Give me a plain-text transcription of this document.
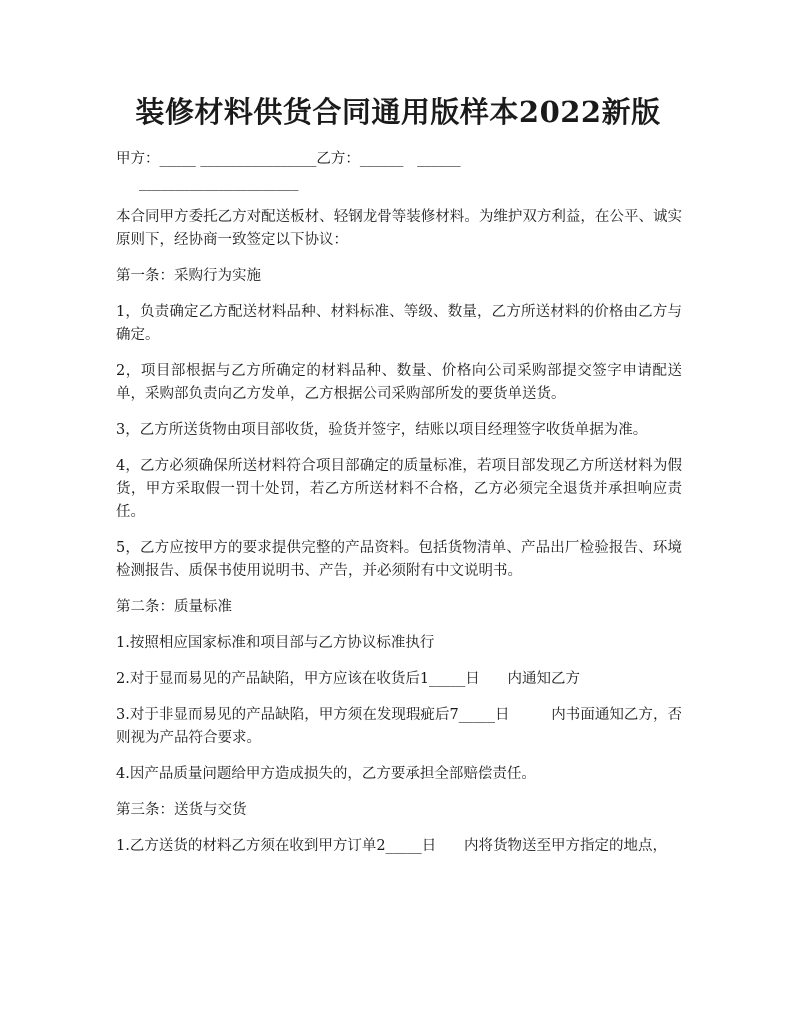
装修材料供货合同通用版样本2022新版
甲方：_____ ________________乙方：______   ______
______________________

本合同甲方委托乙方对配送板材、轻钢龙骨等装修材料。为维护双方利益，在公平、诚实原则下，经协商一致签定以下协议：

第一条：采购行为实施

1，负责确定乙方配送材料品种、材料标准、等级、数量，乙方所送材料的价格由乙方与确定。

2，项目部根据与乙方所确定的材料品种、数量、价格向公司采购部提交签字申请配送单，采购部负责向乙方发单，乙方根据公司采购部所发的要货单送货。

3，乙方所送货物由项目部收货，验货并签字，结账以项目经理签字收货单据为准。

4，乙方必须确保所送材料符合项目部确定的质量标准，若项目部发现乙方所送材料为假货，甲方采取假一罚十处罚，若乙方所送材料不合格，乙方必须完全退货并承担响应责任。

5，乙方应按甲方的要求提供完整的产品资料。包括货物清单、产品出厂检验报告、环境检测报告、质保书使用说明书、产告，并必须附有中文说明书。

第二条：质量标准

1.按照相应国家标准和项目部与乙方协议标准执行

2.对于显而易见的产品缺陷，甲方应该在收货后1_____日      内通知乙方

3.对于非显而易见的产品缺陷，甲方须在发现瑕疵后7_____日         内书面通知乙方，否则视为产品符合要求。

4.因产品质量问题给甲方造成损失的，乙方要承担全部赔偿责任。

第三条：送货与交货

1.乙方送货的材料乙方须在收到甲方订单2_____日      内将货物送至甲方指定的地点，
